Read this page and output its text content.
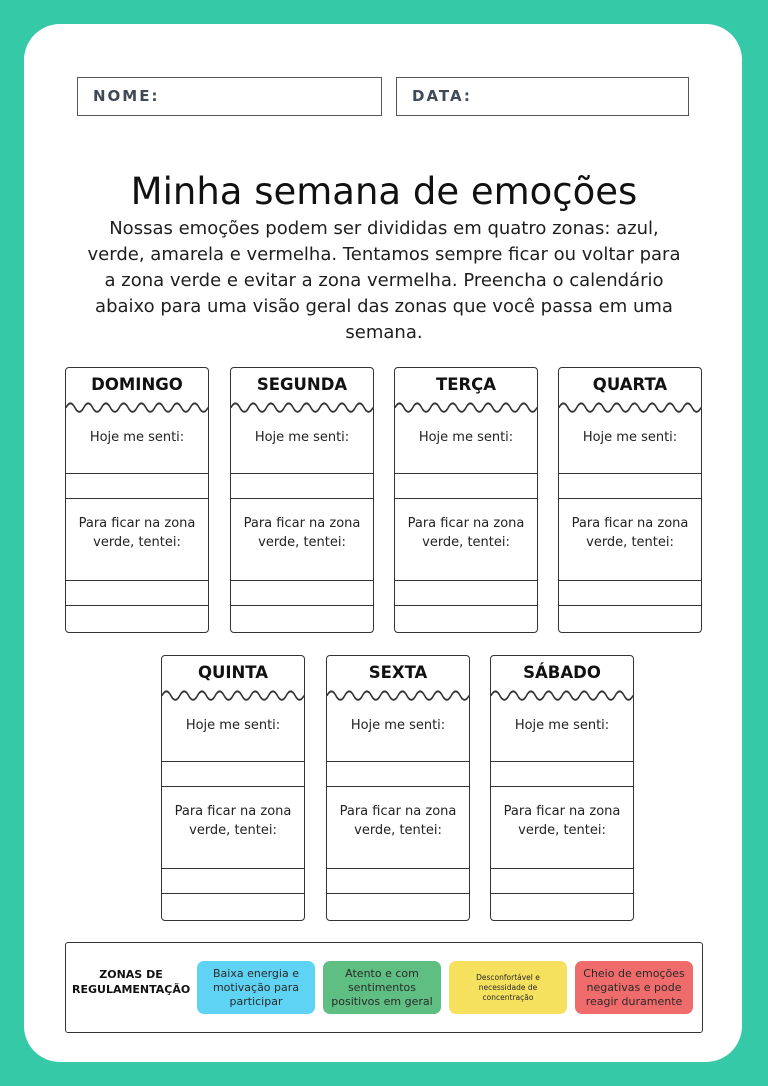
NOME:	DATA:
Minha semana de emoções
Nossas emoções podem ser divididas em quatro zonas: azul, verde, amarela e vermelha. Tentamos sempre ficar ou voltar para a zona verde e evitar a zona vermelha. Preencha o calendário abaixo para uma visão geral das zonas que você passa em uma semana.
DOMINGO
Hoje me senti:
Para ficar na zona verde, tentei:
SEGUNDA
Hoje me senti:
Para ficar na zona verde, tentei:
TERÇA
Hoje me senti:
Para ficar na zona verde, tentei:
QUARTA
Hoje me senti:
Para ficar na zona verde, tentei:
QUINTA
Hoje me senti:
Para ficar na zona verde, tentei:
SEXTA
Hoje me senti:
Para ficar na zona verde, tentei:
SÁBADO
Hoje me senti:
Para ficar na zona verde, tentei:
ZONAS DE REGULAMENTAÇÃO
Baixa energia e motivação para participar
Atento e com sentimentos positivos em geral
Desconfortável e necessidade de concentração
Cheio de emoções negativas e pode reagir duramente
